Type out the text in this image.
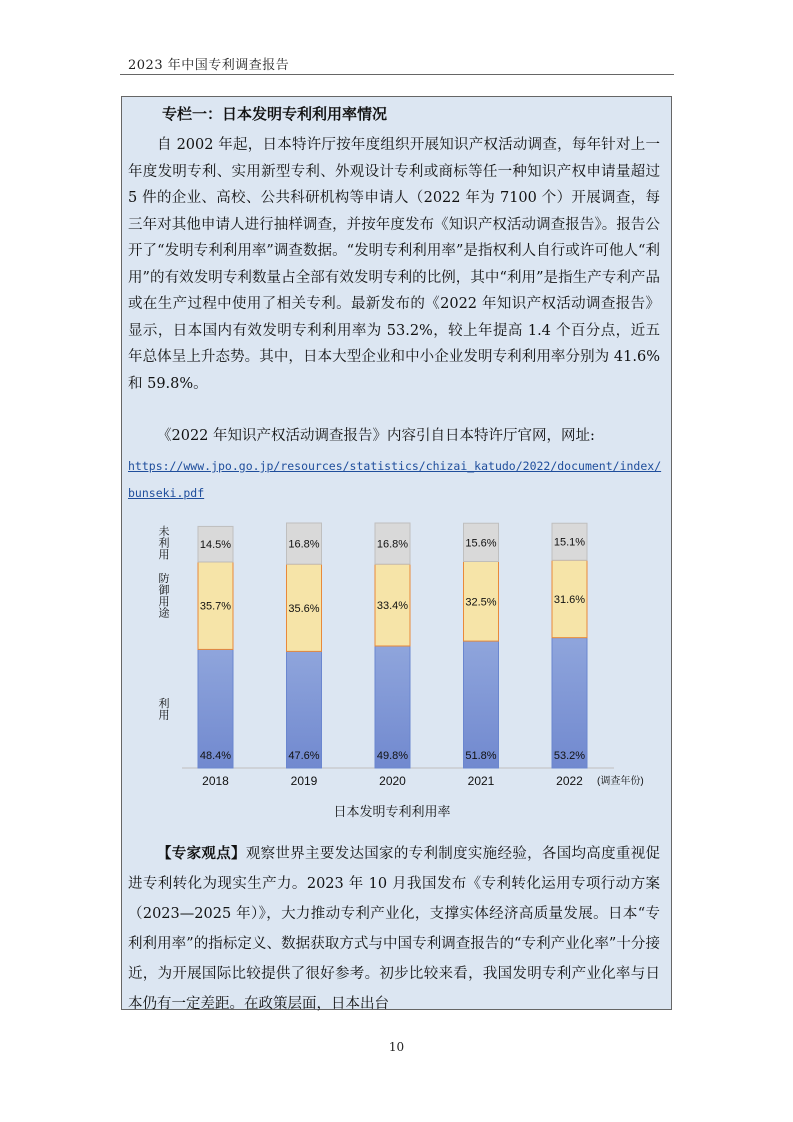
2023 年中国专利调查报告
专栏一：日本发明专利利用率情况

自 2002 年起，日本特许厅按年度组织开展知识产权活动调查，每年针对上一年度发明专利、实用新型专利、外观设计专利或商标等任一种知识产权申请量超过 5 件的企业、高校、公共科研机构等申请人（2022 年为 7100 个）开展调查，每三年对其他申请人进行抽样调查，并按年度发布《知识产权活动调查报告》。报告公开了“发明专利利用率”调查数据。“发明专利利用率”是指权利人自行或许可他人“利用”的有效发明专利数量占全部有效发明专利的比例，其中“利用”是指生产专利产品或在生产过程中使用了相关专利。最新发布的《2022 年知识产权活动调查报告》显示，日本国内有效发明专利利用率为 53.2%，较上年提高 1.4 个百分点，近五年总体呈上升态势。其中，日本大型企业和中小企业发明专利利用率分别为 41.6%和 59.8%。

《2022 年知识产权活动调查报告》内容引自日本特许厅官网，网址:

https://www.jpo.go.jp/resources/statistics/chizai_katudo/2022/document/index/bunseki.pdf
未
利
用
防
御
用
途
利
用
48.4%
35.7%
14.5%
47.6%
35.6%
16.8%
49.8%
33.4%
16.8%
51.8%
32.5%
15.6%
53.2%
31.6%
15.1%
2018	2019	2020	2021	2022 (调查年份)
日本发明专利利用率

【专家观点】观察世界主要发达国家的专利制度实施经验，各国均高度重视促进专利转化为现实生产力。2023 年 10 月我国发布《专利转化运用专项行动方案（2023—2025 年）》，大力推动专利产业化，支撑实体经济高质量发展。日本“专利利用率”的指标定义、数据获取方式与中国专利调查报告的“专利产业化率”十分接近，为开展国际比较提供了很好参考。初步比较来看，我国发明专利产业化率与日本仍有一定差距。在政策层面，日本出台

10
